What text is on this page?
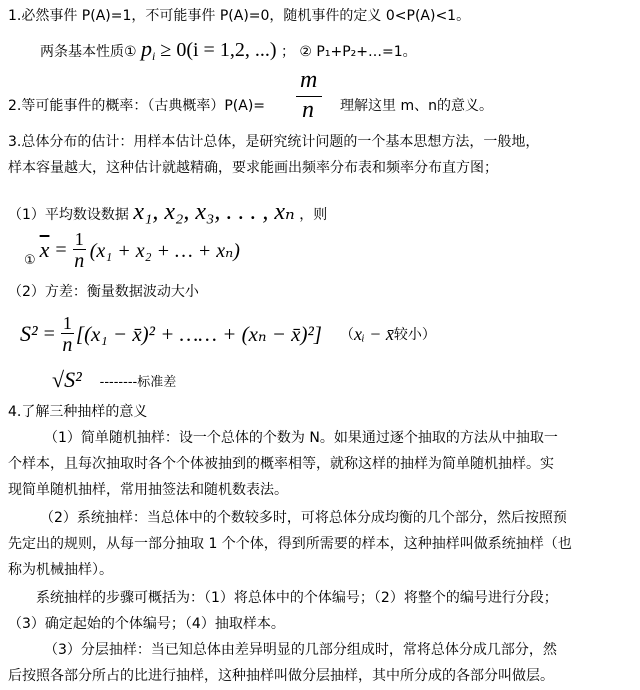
1.必然事件 P(A)=1，不可能事件 P(A)=0，随机事件的定义 0<P(A)<1。
两条基本性质① $p_i \ge 0(i = 1,2$, ...) ； ② P₁+P₂+…=1。
2.等可能事件的概率：（古典概率）P(A)=
m
n 理解这里 m、n的意义。
3.总体分布的估计：用样本估计总体，是研究统计问题的一个基本思想方法，一般地，
样本容量越大，这种估计就越精确，要求能画出频率分布表和频率分布直方图；
（1）平均数设数据 x₁, x₂, x₃, . . . , xₙ ，则
① $\overline{x} = \frac{1}{n} (x_1 + x_2$ + … + xₙ)
（2）方差：衡量数据波动大小
$S^2 = \frac{1}{n} [(x_1$ − x̄)² + …… + (xₙ − x̄)²] （ xᵢ − x̄ 较小）
√S² --------标准差
4.了解三种抽样的意义
（1）简单随机抽样：设一个总体的个数为 N。如果通过逐个抽取的方法从中抽取一
个样本，且每次抽取时各个个体被抽到的概率相等，就称这样的抽样为简单随机抽样。实
现简单随机抽样，常用抽签法和随机数表法。
（2）系统抽样：当总体中的个数较多时，可将总体分成均衡的几个部分，然后按照预
先定出的规则，从每一部分抽取 1 个个体，得到所需要的样本，这种抽样叫做系统抽样（也
称为机械抽样）。
系统抽样的步骤可概括为：（1）将总体中的个体编号；（2）将整个的编号进行分段；
（3）确定起始的个体编号；（4）抽取样本。
（3）分层抽样：当已知总体由差异明显的几部分组成时，常将总体分成几部分，然
后按照各部分所占的比进行抽样，这种抽样叫做分层抽样，其中所分成的各部分叫做层。
